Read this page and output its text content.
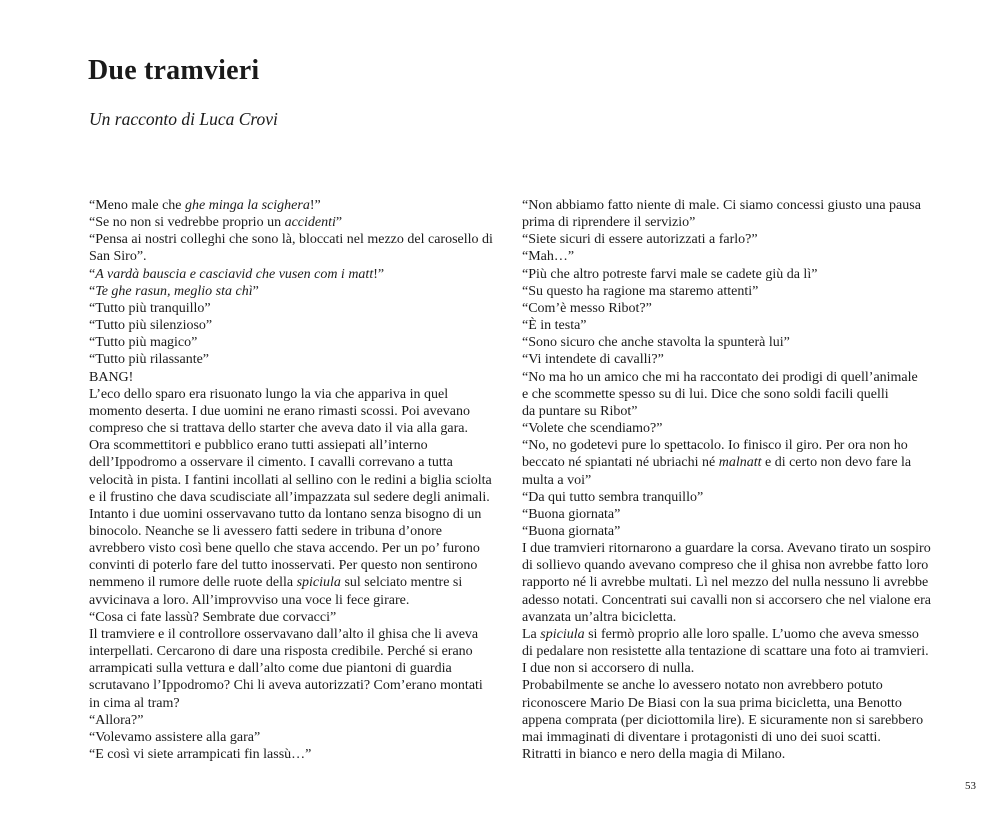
Due tramvieri
Un racconto di Luca Crovi

“Meno male che ghe minga la scighera!”

“Se no non si vedrebbe proprio un accidenti”

“Pensa ai nostri colleghi che sono là, bloccati nel mezzo del carosello di

San Siro”.

“A vardà bauscia e casciavid che vusen com i matt!”

“Te ghe rasun, meglio sta chì”

“Tutto più tranquillo”

“Tutto più silenzioso”

“Tutto più magico”

“Tutto più rilassante”

BANG!

L’eco dello sparo era risuonato lungo la via che appariva in quel

momento deserta. I due uomini ne erano rimasti scossi. Poi avevano

compreso che si trattava dello starter che aveva dato il via alla gara.

Ora scommettitori e pubblico erano tutti assiepati all’interno

dell’Ippodromo a osservare il cimento. I cavalli correvano a tutta

velocità in pista. I fantini incollati al sellino con le redini a biglia sciolta

e il frustino che dava scudisciate all’impazzata sul sedere degli animali.

Intanto i due uomini osservavano tutto da lontano senza bisogno di un

binocolo. Neanche se li avessero fatti sedere in tribuna d’onore

avrebbero visto così bene quello che stava accendo. Per un po’ furono

convinti di poterlo fare del tutto inosservati. Per questo non sentirono

nemmeno il rumore delle ruote della spiciula sul selciato mentre si

avvicinava a loro. All’improvviso una voce li fece girare.

“Cosa ci fate lassù? Sembrate due corvacci”

Il tramviere e il controllore osservavano dall’alto il ghisa che li aveva

interpellati. Cercarono di dare una risposta credibile. Perché si erano

arrampicati sulla vettura e dall’alto come due piantoni di guardia

scrutavano l’Ippodromo? Chi li aveva autorizzati? Com’erano montati

in cima al tram?

“Allora?”

“Volevamo assistere alla gara”

“E così vi siete arrampicati fin lassù…”

“Non abbiamo fatto niente di male. Ci siamo concessi giusto una pausa

prima di riprendere il servizio”

“Siete sicuri di essere autorizzati a farlo?”

“Mah…”

“Più che altro potreste farvi male se cadete giù da lì”

“Su questo ha ragione ma staremo attenti”

“Com’è messo Ribot?”

“È in testa”

“Sono sicuro che anche stavolta la spunterà lui”

“Vi intendete di cavalli?”

“No ma ho un amico che mi ha raccontato dei prodigi di quell’animale

e che scommette spesso su di lui. Dice che sono soldi facili quelli

da puntare su Ribot”

“Volete che scendiamo?”

“No, no godetevi pure lo spettacolo. Io finisco il giro. Per ora non ho

beccato né spiantati né ubriachi né malnatt e di certo non devo fare la

multa a voi”

“Da qui tutto sembra tranquillo”

“Buona giornata”

“Buona giornata”

I due tramvieri ritornarono a guardare la corsa. Avevano tirato un sospiro

di sollievo quando avevano compreso che il ghisa non avrebbe fatto loro

rapporto né li avrebbe multati. Lì nel mezzo del nulla nessuno li avrebbe

adesso notati. Concentrati sui cavalli non si accorsero che nel vialone era

avanzata un’altra bicicletta.

La spiciula si fermò proprio alle loro spalle. L’uomo che aveva smesso

di pedalare non resistette alla tentazione di scattare una foto ai tramvieri.

I due non si accorsero di nulla.

Probabilmente se anche lo avessero notato non avrebbero potuto

riconoscere Mario De Biasi con la sua prima bicicletta, una Benotto

appena comprata (per diciottomila lire). E sicuramente non si sarebbero

mai immaginati di diventare i protagonisti di uno dei suoi scatti.

Ritratti in bianco e nero della magia di Milano.

53
